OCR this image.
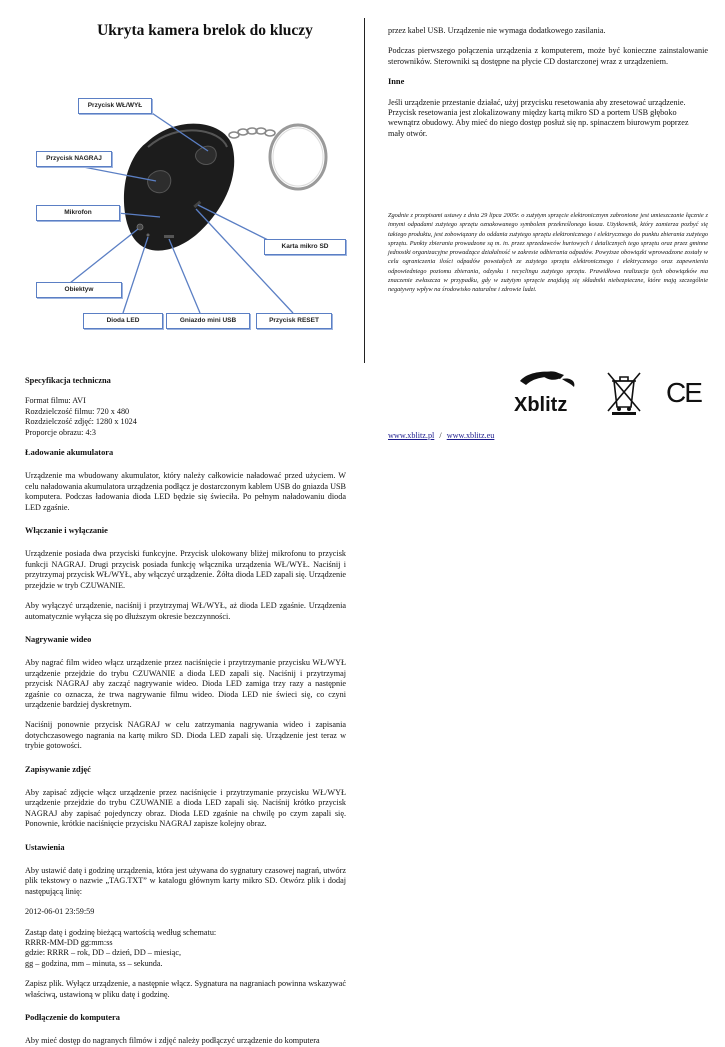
Ukryta kamera brelok do kluczy
Przycisk WŁ/WYŁ
Przycisk NAGRAJ
Mikrofon
Karta mikro SD
Obiektyw
Dioda LED	Gniazdo mini USB	Przycisk RESET

Specyfikacja techniczna

Format filmu: AVI

Rozdzielczość filmu: 720 x 480

Rozdzielczość zdjęć: 1280 x 1024

Proporcje obrazu: 4:3

Ładowanie akumulatora

Urządzenie ma wbudowany akumulator, który należy całkowicie naładować przed użyciem. W celu naładowania akumulatora urządzenia podłącz je dostarczonym kablem USB do gniazda USB komputera. Podczas ładowania dioda LED będzie się świeciła. Po pełnym naładowaniu dioda LED zgaśnie.

Włączanie i wyłączanie

Urządzenie posiada dwa przyciski funkcyjne. Przycisk ulokowany bliżej mikrofonu to przycisk funkcji NAGRAJ. Drugi przycisk posiada funkcję włącznika urządzenia WŁ/WYŁ. Naciśnij i przytrzymaj przycisk WŁ/WYŁ, aby włączyć urządzenie. Żółta dioda LED zapali się. Urządzenie przejdzie w tryb CZUWANIE.

Aby wyłączyć urządzenie, naciśnij i przytrzymaj WŁ/WYŁ, aż dioda LED zgaśnie. Urządzenia automatycznie wyłącza się po dłuższym okresie bezczynności.

Nagrywanie wideo

Aby nagrać film wideo włącz urządzenie przez naciśnięcie i przytrzymanie przycisku WŁ/WYŁ urządzenie przejdzie do trybu CZUWANIE a dioda LED zapali się. Naciśnij i przytrzymaj przycisk NAGRAJ aby zacząć nagrywanie wideo. Dioda LED zamiga trzy razy a następnie zgaśnie co oznacza, że trwa nagrywanie filmu wideo. Dioda LED nie świeci się, co czyni urządzenie bardziej dyskretnym.

Naciśnij ponownie przycisk NAGRAJ w celu zatrzymania nagrywania wideo i zapisania dotychczasowego nagrania na kartę mikro SD. Dioda LED zapali się. Urządzenie jest teraz w trybie gotowości.

Zapisywanie zdjęć

Aby zapisać zdjęcie włącz urządzenie przez naciśnięcie i przytrzymanie przycisku WŁ/WYŁ urządzenie przejdzie do trybu CZUWANIE a dioda LED zapali się. Naciśnij krótko przycisk NAGRAJ aby zapisać pojedynczy obraz. Dioda LED zgaśnie na chwilę po czym zapali się. Ponownie, krótkie naciśnięcie przycisku NAGRAJ zapisze kolejny obraz.

Ustawienia

Aby ustawić datę i godzinę urządzenia, która jest używana do sygnatury czasowej nagrań, utwórz plik tekstowy o nazwie „TAG.TXT” w katalogu głównym karty mikro SD. Otwórz plik i dodaj następującą linię:

2012-06-01 23:59:59

Zastąp datę i godzinę bieżącą wartością według schematu:

RRRR-MM-DD gg:mm:ss

gdzie: RRRR – rok, DD – dzień, DD – miesiąc,

gg – godzina, mm – minuta, ss – sekunda.

Zapisz plik. Wyłącz urządzenie, a następnie włącz. Sygnatura na nagraniach powinna wskazywać właściwą, ustawioną w pliku datę i godzinę.

Podłączenie do komputera

Aby mieć dostęp do nagranych filmów i zdjęć należy podłączyć urządzenie do komputera

przez kabel USB. Urządzenie nie wymaga dodatkowego zasilania.

Podczas pierwszego połączenia urządzenia z komputerem, może być konieczne zainstalowanie sterowników. Sterowniki są dostępne na płycie CD dostarczonej wraz z urządzeniem.

Inne

Jeśli urządzenie przestanie działać, użyj przycisku resetowania aby zresetować urządzenie.

Przycisk resetowania jest zlokalizowany między kartą mikro SD a portem USB głęboko

wewnątrz obudowy. Aby mieć do niego dostęp posłuż się np. spinaczem biurowym poprzez

mały otwór.

Zgodnie z przepisami ustawy z dnia 29 lipca 2005r. o zużytym sprzęcie elektronicznym zabronione jest umieszczanie łącznie z innymi odpadami zużytego sprzętu oznakowanego symbolem przekreślonego kosza. Użytkownik, który zamierza pozbyć się takiego produktu, jest zobowiązany do oddania zużytego sprzętu elektronicznego i elektrycznego do punktu zbierania zużytego sprzętu. Punkty zbierania prowadzone są m. in. przez sprzedawców hurtowych i detalicznych tego sprzętu oraz przez gminne jednostki organizacyjne prowadzące działalność w zakresie odbierania odpadów. Powyższe obowiązki wprowadzone zostały w celu ograniczenia ilości odpadów powstałych ze zużytego sprzętu elektronicznego i elektrycznego oraz zapewnienia odpowiedniego poziomu zbierania, odzysku i recyclingu zużytego sprzętu. Prawidłowa realizacja tych obowiązków ma znaczenie zwłaszcza w przypadku, gdy w zużytym sprzęcie znajdują się składniki niebezpieczne, które mają szczególnie negatywny wpływ na środowisko naturalne i zdrowie ludzi.
Xblitz	CE
www.xblitz.pl / www.xblitz.eu
